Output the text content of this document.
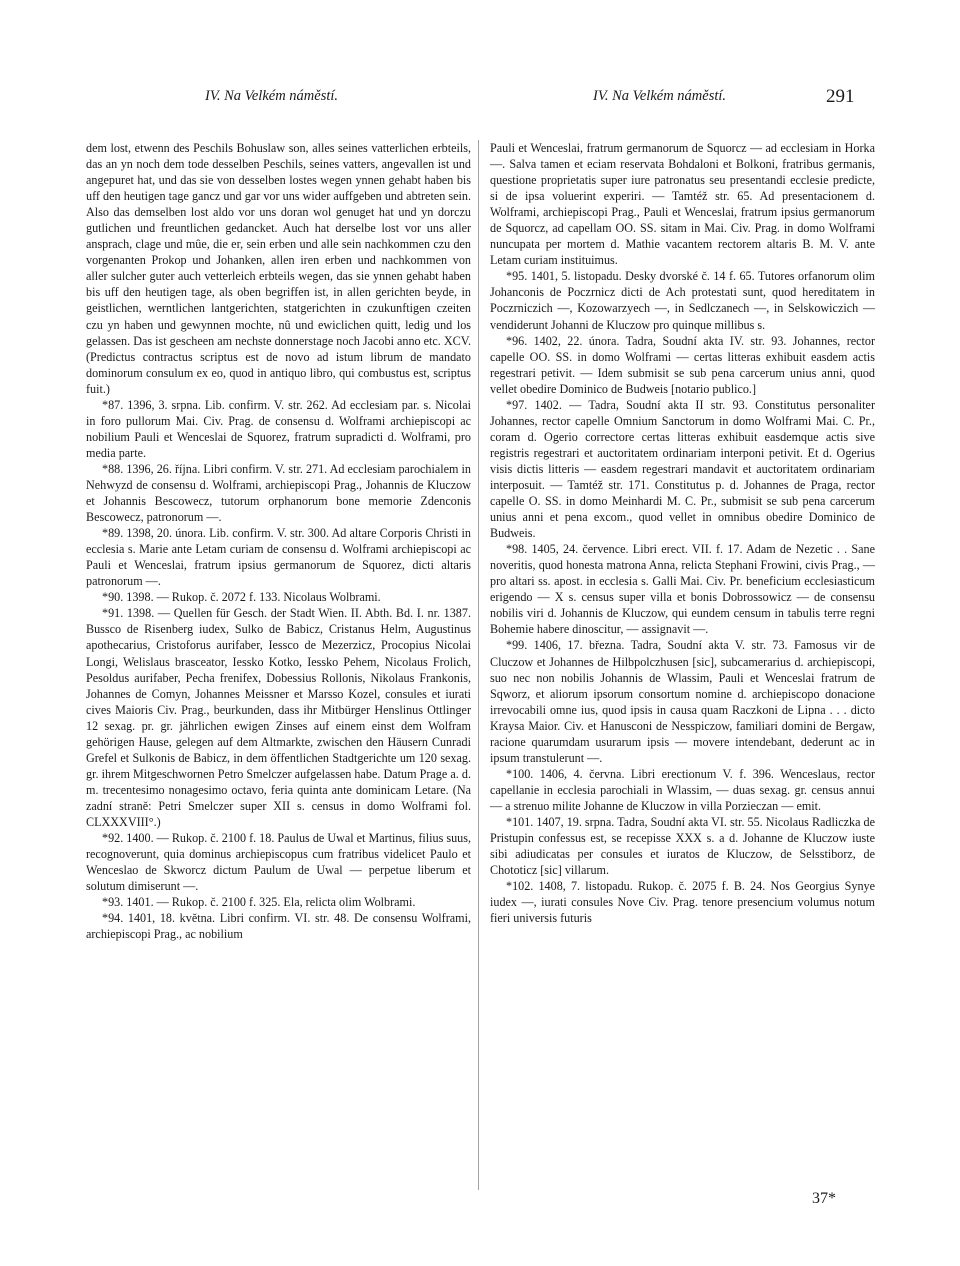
IV. Na Velkém náměstí.	IV. Na Velkém náměstí.	291

dem lost, etwenn des Peschils Bohuslaw son, alles seines vatterlichen erbteils, das an yn noch dem tode desselben Peschils, seines vatters, angevallen ist und angepuret hat, und das sie von desselben lostes wegen ynnen gehabt haben bis uff den heutigen tage gancz und gar vor uns wider auffgeben und abtreten sein. Also das demselben lost aldo vor uns doran wol genuget hat und yn dorczu gutlichen und freuntlichen gedancket. Auch hat derselbe lost vor uns aller ansprach, clage und mûe, die er, sein erben und alle sein nachkommen czu den vorgenanten Prokop und Johanken, allen iren erben und nachkommen von aller sulcher guter auch vetterleich erbteils wegen, das sie ynnen gehabt haben bis uff den heutigen tage, als oben begriffen ist, in allen gerichten beyde, in geistlichen, werntlichen lantgerichten, statgerichten in czukunftigen czeiten czu yn haben und gewynnen mochte, nû und ewiclichen quitt, ledig und los gelassen. Das ist gescheen am nechste donnerstage noch Jacobi anno etc. XCV. (Predictus contractus scriptus est de novo ad istum librum de mandato dominorum consulum ex eo, quod in antiquo libro, qui combustus est, scriptus fuit.)

*87. 1396, 3. srpna. Lib. confirm. V. str. 262. Ad ecclesiam par. s. Nicolai in foro pullorum Mai. Civ. Prag. de consensu d. Wolframi archiepiscopi ac nobilium Pauli et Wenceslai de Squorez, fratrum supradicti d. Wolframi, pro media parte.

*88. 1396, 26. října. Libri confirm. V. str. 271. Ad ecclesiam parochialem in Nehwyzd de consensu d. Wolframi, archiepiscopi Prag., Johannis de Kluczow et Johannis Bescowecz, tutorum orphanorum bone memorie Zdenconis Bescowecz, patronorum —.

*89. 1398, 20. února. Lib. confirm. V. str. 300. Ad altare Corporis Christi in ecclesia s. Marie ante Letam curiam de consensu d. Wolframi archiepiscopi ac Pauli et Wenceslai, fratrum ipsius germanorum de Squorez, dicti altaris patronorum —.

*90. 1398. — Rukop. č. 2072 f. 133. Nicolaus Wolbrami.

*91. 1398. — Quellen für Gesch. der Stadt Wien. II. Abth. Bd. I. nr. 1387. Bussco de Risenberg iudex, Sulko de Babicz, Cristanus Helm, Augustinus apothecarius, Cristoforus aurifaber, Iessco de Mezerzicz, Procopius Nicolai Longi, Welislaus brasceator, Iessko Kotko, Iessko Pehem, Nicolaus Frolich, Pesoldus aurifaber, Pecha frenifex, Dobessius Rollonis, Nikolaus Frankonis, Johannes de Comyn, Johannes Meissner et Marsso Kozel, consules et iurati cives Maioris Civ. Prag., beurkunden, dass ihr Mitbürger Henslinus Ottlinger 12 sexag. pr. gr. jährlichen ewigen Zinses auf einem einst dem Wolfram gehörigen Hause, gelegen auf dem Altmarkte, zwischen den Häusern Cunradi Grefel et Sulkonis de Babicz, in dem öffentlichen Stadtgerichte um 120 sexag. gr. ihrem Mitgeschwornen Petro Smelczer aufgelassen habe. Datum Prage a. d. m. trecentesimo nonagesimo octavo, feria quinta ante dominicam Letare. (Na zadní straně: Petri Smelczer super XII s. census in domo Wolframi fol. CLXXXVIII°.)

*92. 1400. — Rukop. č. 2100 f. 18. Paulus de Uwal et Martinus, filius suus, recognoverunt, quia dominus archiepiscopus cum fratribus videlicet Paulo et Wenceslao de Skworcz dictum Paulum de Uwal — perpetue liberum et solutum dimiserunt —.

*93. 1401. — Rukop. č. 2100 f. 325. Ela, relicta olim Wolbrami.

*94. 1401, 18. května. Libri confirm. VI. str. 48. De consensu Wolframi, archiepiscopi Prag., ac nobilium

Pauli et Wenceslai, fratrum germanorum de Squorcz — ad ecclesiam in Horka —. Salva tamen et eciam reservata Bohdaloni et Bolkoni, fratribus germanis, questione proprietatis super iure patronatus seu presentandi ecclesie predicte, si de ipsa voluerint experiri. — Tamtéž str. 65. Ad presentacionem d. Wolframi, archiepiscopi Prag., Pauli et Wenceslai, fratrum ipsius germanorum de Squorcz, ad capellam OO. SS. sitam in Mai. Civ. Prag. in domo Wolframi nuncupata per mortem d. Mathie vacantem rectorem altaris B. M. V. ante Letam curiam instituimus.

*95. 1401, 5. listopadu. Desky dvorské č. 14 f. 65. Tutores orfanorum olim Johanconis de Poczrnicz dicti de Ach protestati sunt, quod hereditatem in Poczrniczich —, Kozowarzyech —, in Sedlczanech —, in Selskowiczich — vendiderunt Johanni de Kluczow pro quinque millibus s.

*96. 1402, 22. února. Tadra, Soudní akta IV. str. 93. Johannes, rector capelle OO. SS. in domo Wolframi — certas litteras exhibuit easdem actis regestrari petivit. — Idem submisit se sub pena carcerum unius anni, quod vellet obedire Dominico de Budweis [notario publico.]

*97. 1402. — Tadra, Soudní akta II str. 93. Constitutus personaliter Johannes, rector capelle Omnium Sanctorum in domo Wolframi Mai. C. Pr., coram d. Ogerio correctore certas litteras exhibuit easdemque actis sive registris regestrari et auctoritatem ordinariam interponi petivit. Et d. Ogerius visis dictis litteris — easdem regestrari mandavit et auctoritatem ordinariam interposuit. — Tamtéž str. 171. Constitutus p. d. Johannes de Praga, rector capelle O. SS. in domo Meinhardi M. C. Pr., submisit se sub pena carcerum unius anni et pena excom., quod vellet in omnibus obedire Dominico de Budweis.

*98. 1405, 24. července. Libri erect. VII. f. 17. Adam de Nezetic . . Sane noveritis, quod honesta matrona Anna, relicta Stephani Frowini, civis Prag., — pro altari ss. apost. in ecclesia s. Galli Mai. Civ. Pr. beneficium ecclesiasticum erigendo — X s. census super villa et bonis Dobrossowicz — de consensu nobilis viri d. Johannis de Kluczow, qui eundem censum in tabulis terre regni Bohemie habere dinoscitur, — assignavit —.

*99. 1406, 17. března. Tadra, Soudní akta V. str. 73. Famosus vir de Cluczow et Johannes de Hilbpolczhusen [sic], subcamerarius d. archiepiscopi, suo nec non nobilis Johannis de Wlassim, Pauli et Wenceslai fratrum de Sqworz, et aliorum ipsorum consortum nomine d. archiepiscopo donacione irrevocabili omne ius, quod ipsis in causa quam Raczkoni de Lipna . . . dicto Kraysa Maior. Civ. et Hanusconi de Nesspiczow, familiari domini de Bergaw, racione quarumdam usurarum ipsis — movere intendebant, dederunt ac in ipsum transtulerunt —.

*100. 1406, 4. června. Libri erectionum V. f. 396. Wenceslaus, rector capellanie in ecclesia parochiali in Wlassim, — duas sexag. gr. census annui — a strenuo milite Johanne de Kluczow in villa Porzieczan — emit.

*101. 1407, 19. srpna. Tadra, Soudní akta VI. str. 55. Nicolaus Radliczka de Pristupin confessus est, se recepisse XXX s. a d. Johanne de Kluczow iuste sibi adiudicatas per consules et iuratos de Kluczow, de Selsstiborz, de Chototicz [sic] villarum.

*102. 1408, 7. listopadu. Rukop. č. 2075 f. B. 24. Nos Georgius Synye iudex —, iurati consules Nove Civ. Prag. tenore presencium volumus notum fieri universis futuris

37*
